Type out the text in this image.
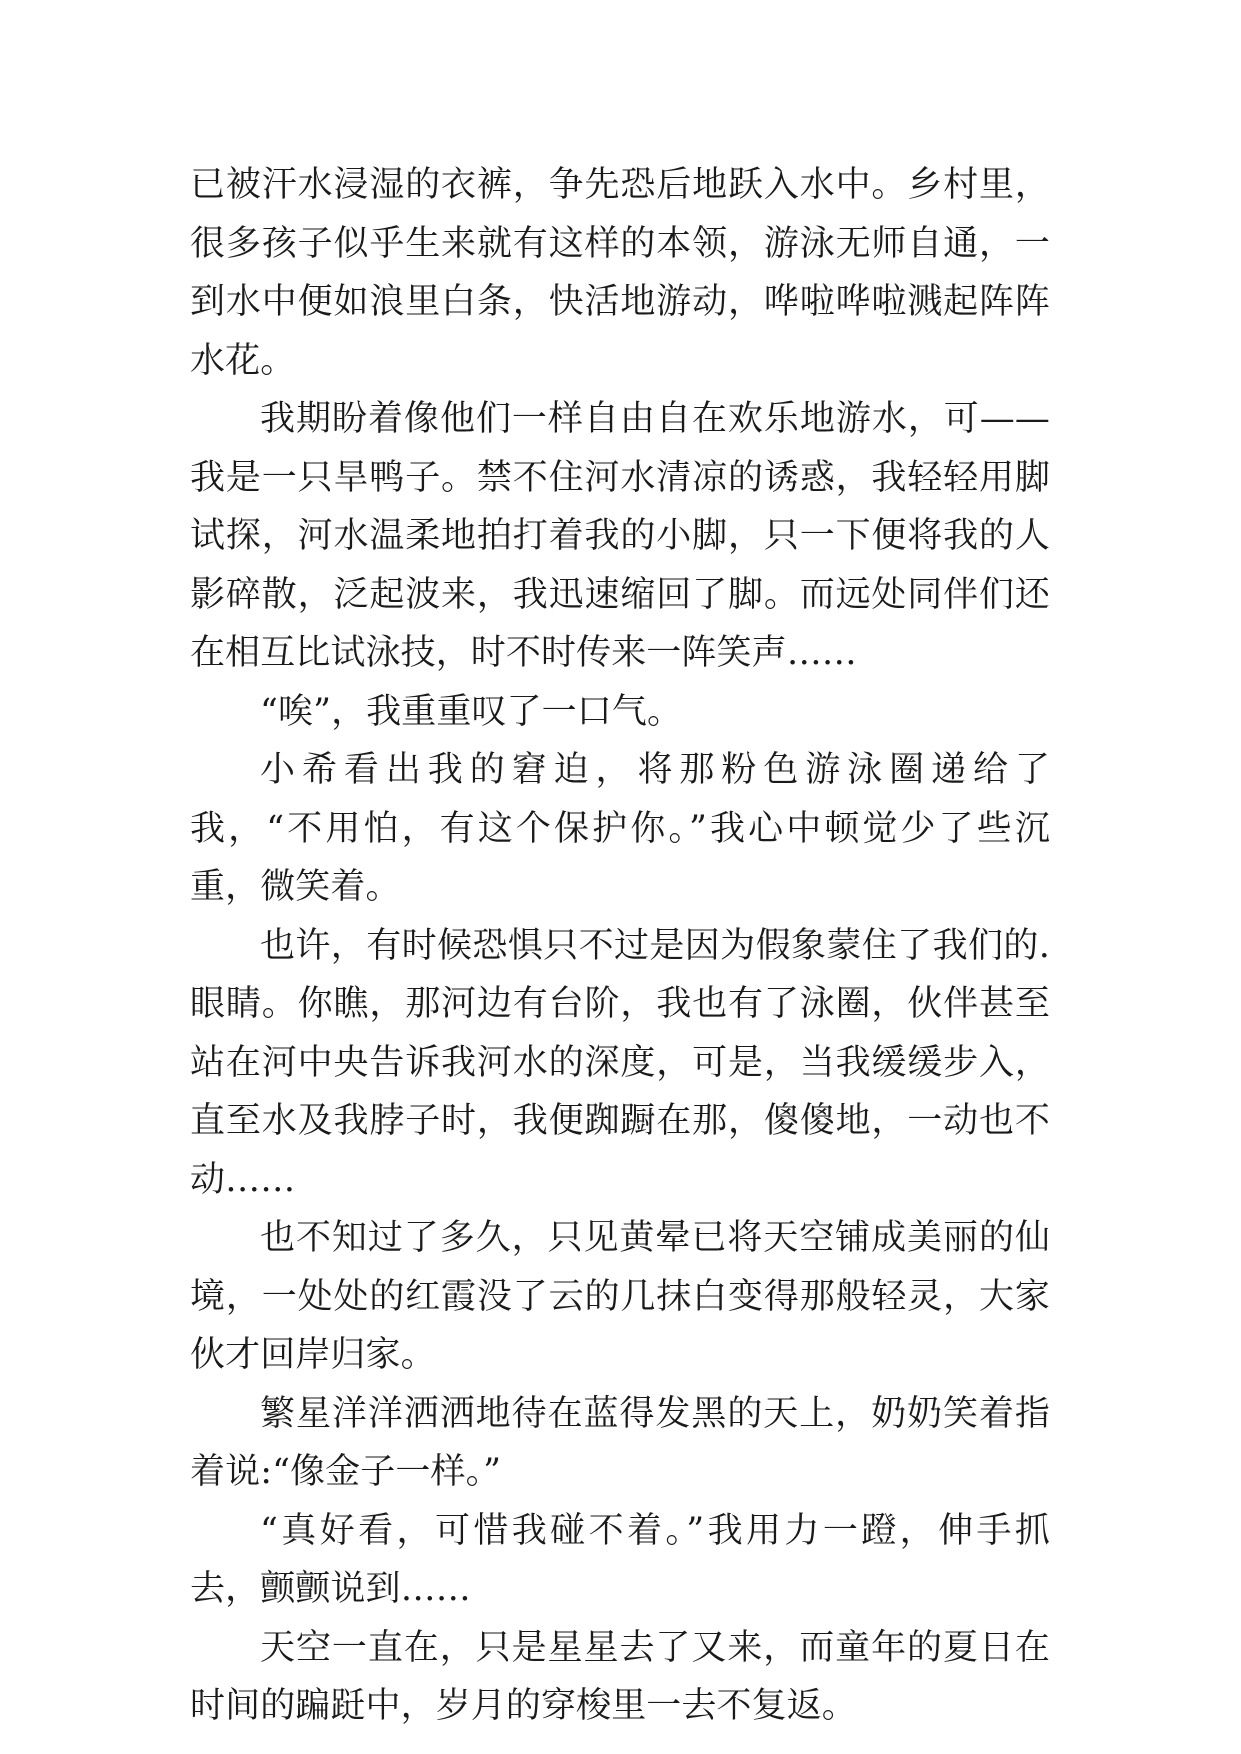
已被汗水浸湿的衣裤，争先恐后地跃入水中。乡村里，很多孩子似乎生来就有这样的本领，游泳无师自通，一到水中便如浪里白条，快活地游动，哗啦哗啦溅起阵阵水花。

我期盼着像他们一样自由自在欢乐地游水，可——我是一只旱鸭子。禁不住河水清凉的诱惑，我轻轻用脚试探，河水温柔地拍打着我的小脚，只一下便将我的人影碎散，泛起波来，我迅速缩回了脚。而远处同伴们还在相互比试泳技，时不时传来一阵笑声……

“唉”，我重重叹了一口气。

小希看出我的窘迫，将那粉色游泳圈递给了我，“不用怕，有这个保护你。”我心中顿觉少了些沉重，微笑着。

也许，有时候恐惧只不过是因为假象蒙住了我们的.眼睛。你瞧，那河边有台阶，我也有了泳圈，伙伴甚至站在河中央告诉我河水的深度，可是，当我缓缓步入，直至水及我脖子时，我便踟蹰在那，傻傻地，一动也不动……

也不知过了多久，只见黄晕已将天空铺成美丽的仙境，一处处的红霞没了云的几抹白变得那般轻灵，大家伙才回岸归家。

繁星洋洋洒洒地待在蓝得发黑的天上，奶奶笑着指着说:“像金子一样。”

“真好看，可惜我碰不着。”我用力一蹬，伸手抓去，颤颤说到……

天空一直在，只是星星去了又来，而童年的夏日在时间的蹁跹中，岁月的穿梭里一去不复返。
